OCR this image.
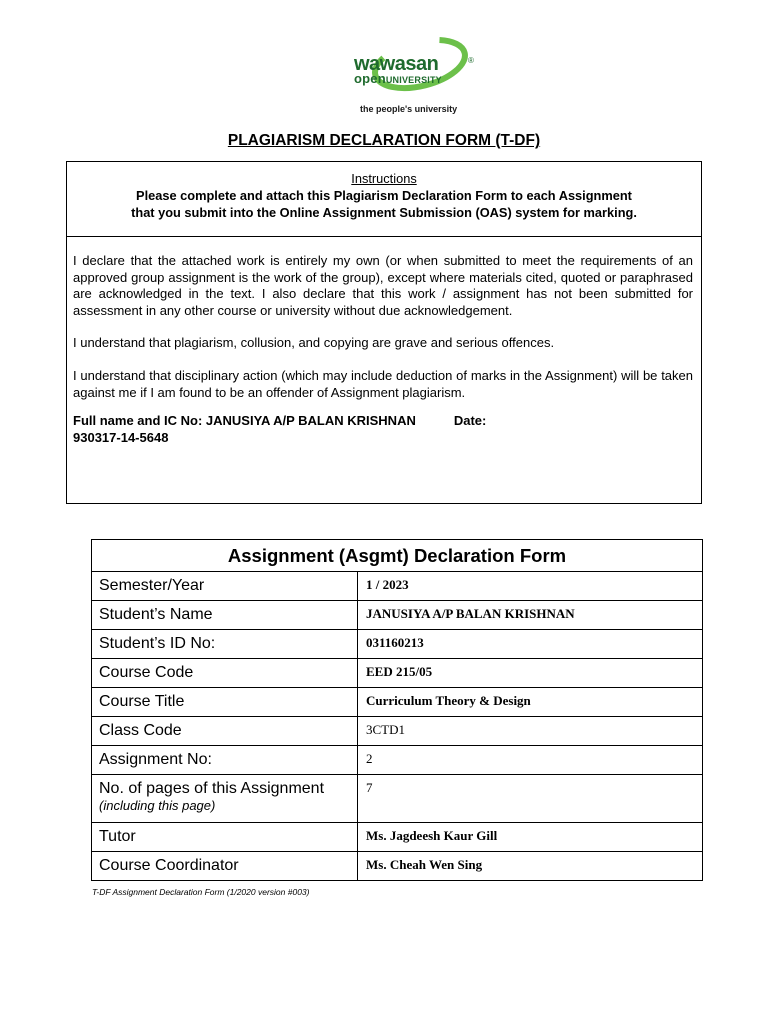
wawasan	®
openUNIVERSITY
the people's university
PLAGIARISM DECLARATION FORM (T-DF)
Instructions
Please complete and attach this Plagiarism Declaration Form to each Assignment
that you submit into the Online Assignment Submission (OAS) system for marking.

I declare that the attached work is entirely my own (or when submitted to meet the requirements of an approved group assignment is the work of the group), except where materials cited, quoted or paraphrased are acknowledged in the text. I also declare that this work / assignment has not been submitted for assessment in any other course or university without due acknowledgement.

I understand that plagiarism, collusion, and copying are grave and serious offences.

I understand that disciplinary action (which may include deduction of marks in the Assignment) will be taken against me if I am found to be an offender of Assignment plagiarism.

Full name and IC No: JANUSIYA A/P BALAN KRISHNAN	Date:
930317-14-5648
Assignment (Asgmt) Declaration Form	
Semester/Year	1 / 2023
Student’s Name	JANUSIYA A/P BALAN KRISHNAN
Student’s ID No:	031160213
Course Code	EED 215/05
Course Title	Curriculum Theory & Design
Class Code	3CTD1
Assignment No:	2
No. of pages of this Assignment
(including this page)	7
Tutor	Ms. Jagdeesh Kaur Gill
Course Coordinator	Ms. Cheah Wen Sing
T-DF Assignment Declaration Form (1/2020 version #003)
